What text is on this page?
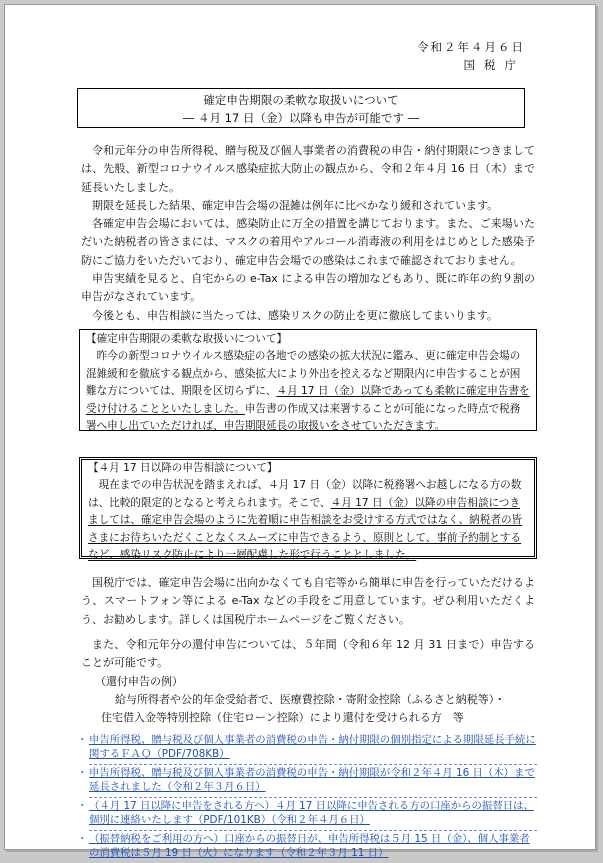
令和２年４月６日
国税庁
確定申告期限の柔軟な取扱いについて
― ４月 17 日（金）以降も申告が可能です ―

令和元年分の申告所得税、贈与税及び個人事業者の消費税の申告・納付期限につきましては、先般、新型コロナウイルス感染症拡大防止の観点から、令和２年４月 16 日（木）まで延長いたしました。

期限を延長した結果、確定申告会場の混雑は例年に比べかなり緩和されています。

各確定申告会場においては、感染防止に万全の措置を講じております。また、ご来場いただいた納税者の皆さまには、マスクの着用やアルコール消毒液の利用をはじめとした感染予防にご協力をいただいており、確定申告会場での感染はこれまで確認されておりません。

申告実績を見ると、自宅からの e-Tax による申告の増加などもあり、既に昨年の約９割の申告がなされています。

今後とも、申告相談に当たっては、感染リスクの防止を更に徹底してまいります。

【確定申告期限の柔軟な取扱いについて】

昨今の新型コロナウイルス感染症の各地での感染の拡大状況に鑑み、更に確定申告会場の混雑緩和を徹底する観点から、感染拡大により外出を控えるなど期限内に申告することが困難な方については、期限を区切らずに、４月 17 日（金）以降であっても柔軟に確定申告書を受け付けることといたしました。申告書の作成又は来署することが可能になった時点で税務署へ申し出ていただければ、申告期限延長の取扱いをさせていただきます。

【４月 17 日以降の申告相談について】

現在までの申告状況を踏まえれば、４月 17 日（金）以降に税務署へお越しになる方の数は、比較的限定的となると考えられます。そこで、４月 17 日（金）以降の申告相談につきましては、確定申告会場のように先着順に申告相談をお受けする方式ではなく、納税者の皆さまにお待ちいただくことなくスムーズに申告できるよう、原則として、事前予約制とするなど、感染リスク防止により一層配慮した形で行うこととしました。

国税庁では、確定申告会場に出向かなくても自宅等から簡単に申告を行っていただけるよう、スマートフォン等による e-Tax などの手段をご用意しています。ぜひ利用いただくよう、お勧めします。詳しくは国税庁ホームページをご覧ください。

また、令和元年分の還付申告については、５年間（令和６年 12 月 31 日まで）申告することが可能です。

（還付申告の例）
給与所得者や公的年金受給者で、医療費控除・寄附金控除（ふるさと納税等）・
住宅借入金等特別控除（住宅ローン控除）により還付を受けられる方　等
・ 申告所得税、贈与税及び個人事業者の消費税の申告・納付期限の個別指定による期限延長手続に関するＦＡＱ（PDF/708KB）
・ 申告所得税、贈与税及び個人事業者の消費税の申告・納付期限が令和２年４月 16 日（木）まで延長されました（令和２年３月６日）
・ （４月 17 日以降に申告をされる方へ）４月 17 日以降に申告される方の口座からの振替日は、個別に連絡いたします（PDF/101KB）（令和２年４月６日）
・ （振替納税をご利用の方へ）口座からの振替日が、申告所得税は５月 15 日（金）、個人事業者の消費税は５月 19 日（火）になります（令和２年３月 11 日）
